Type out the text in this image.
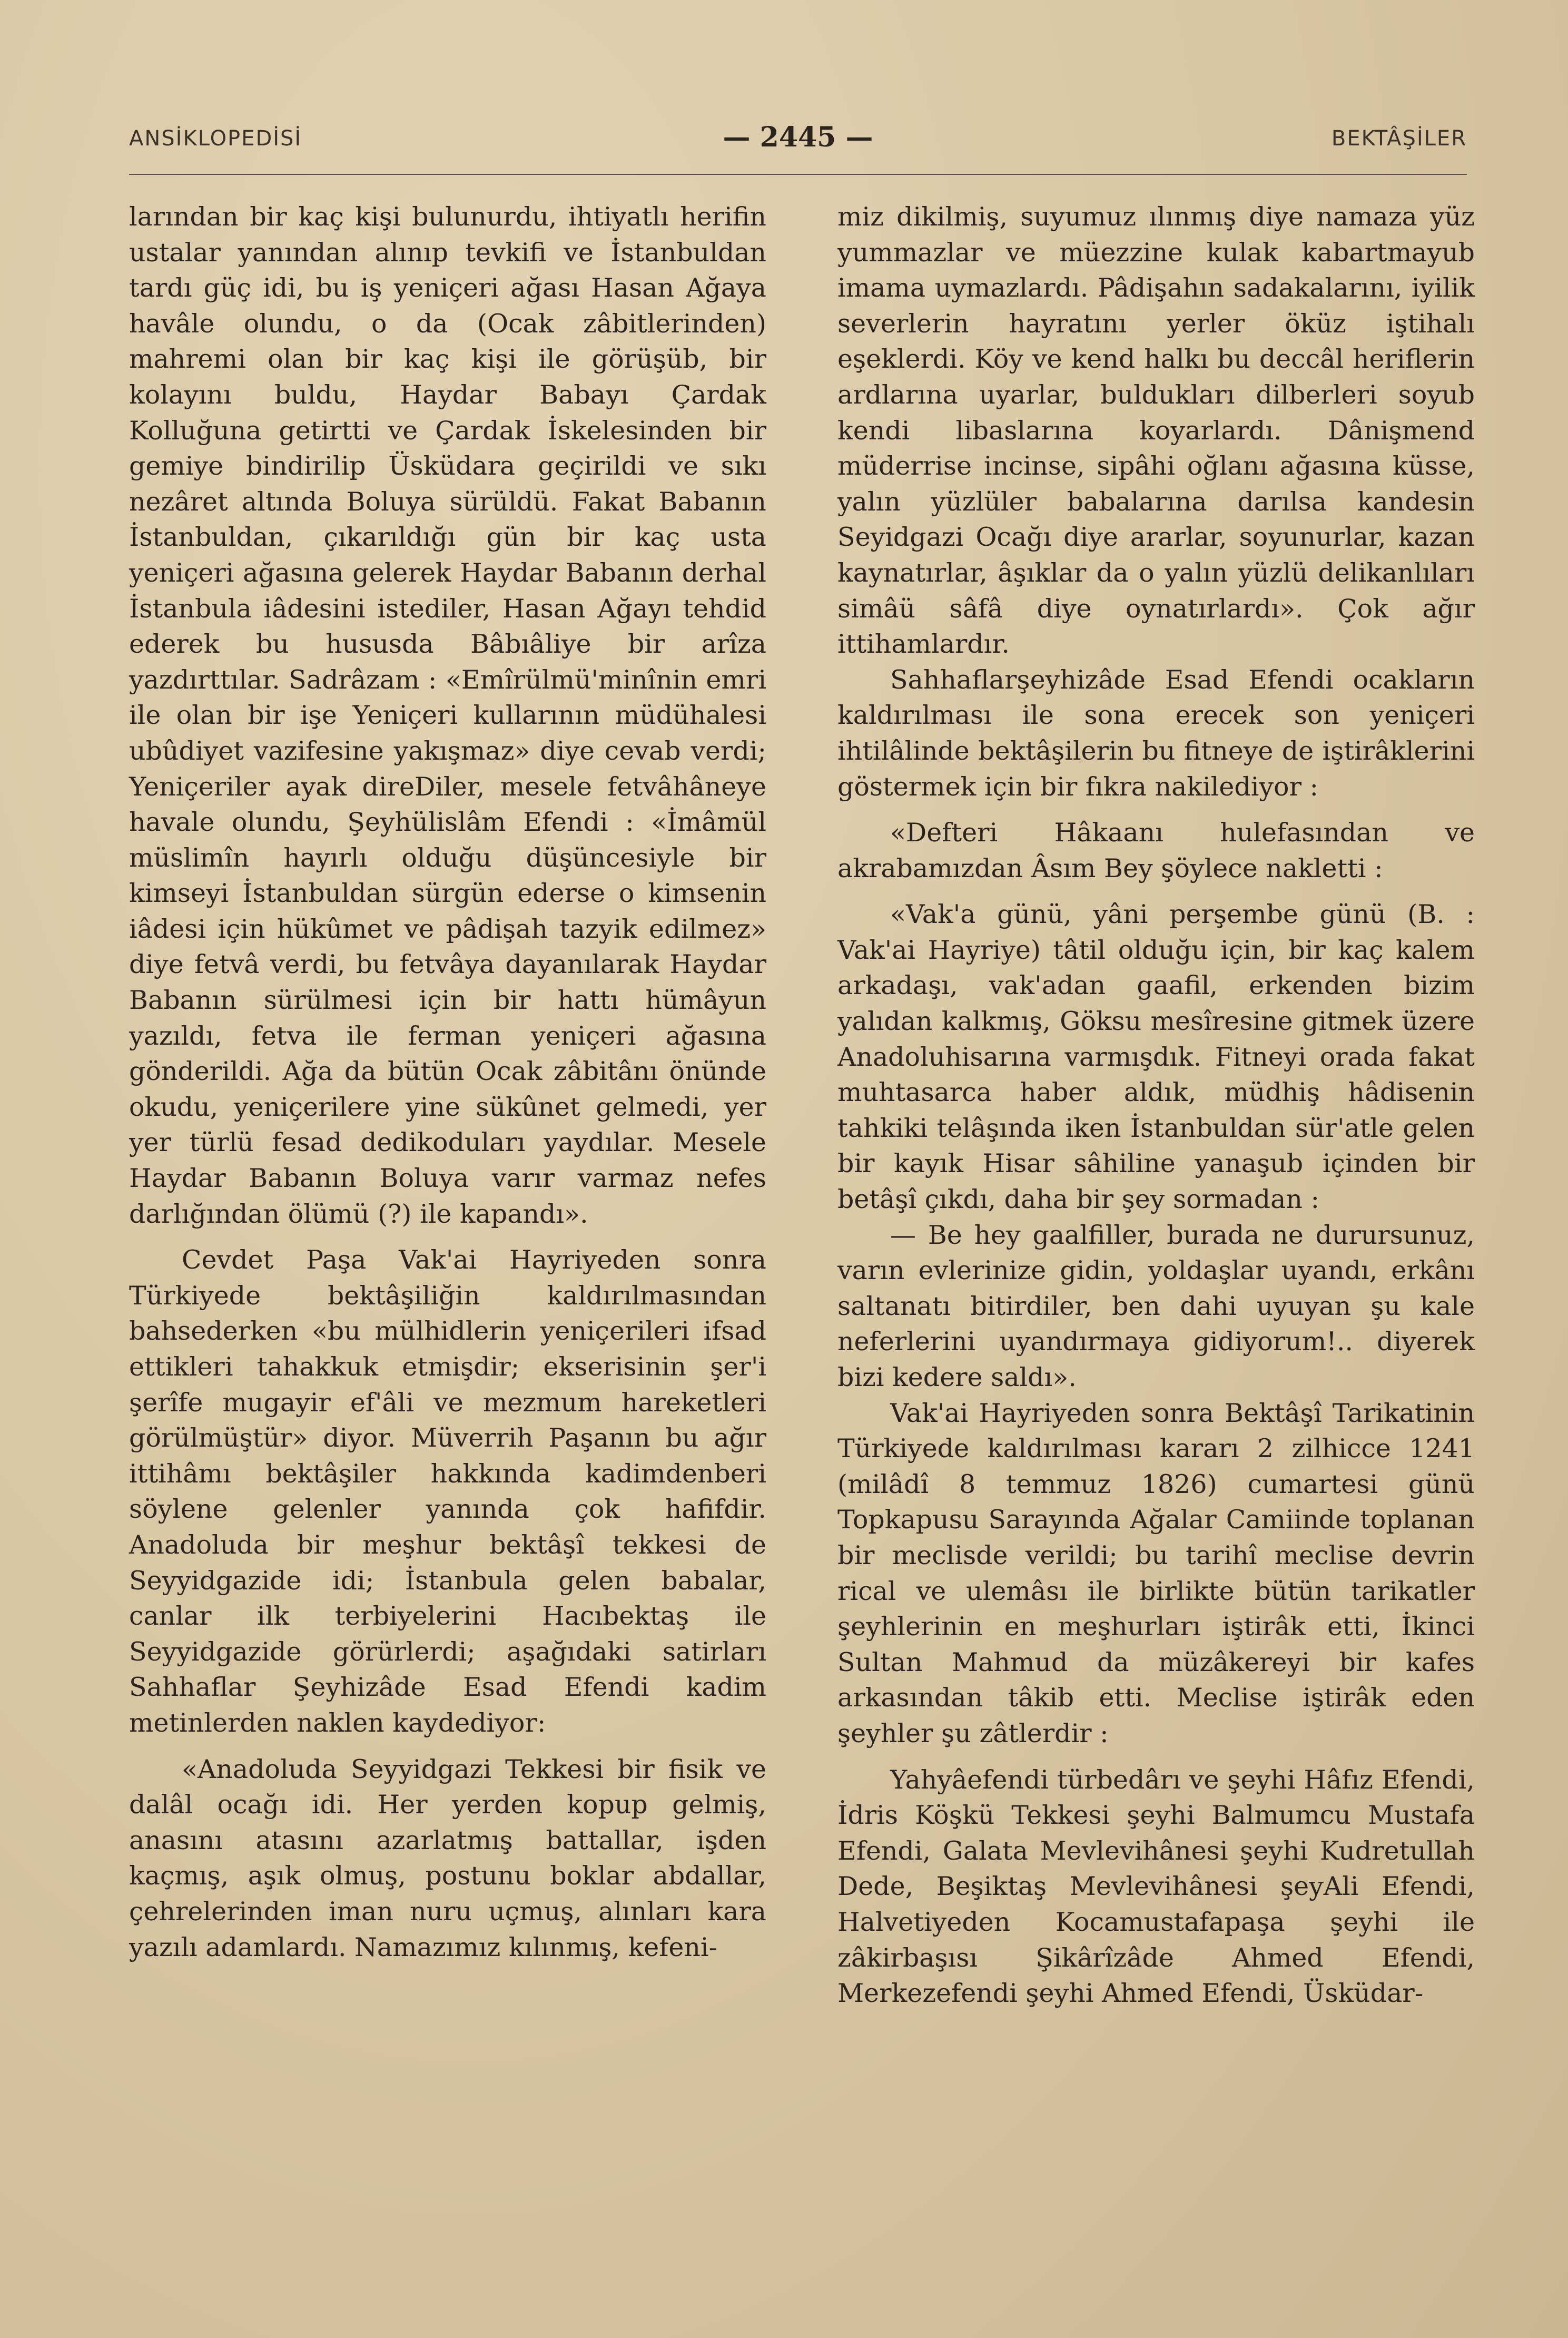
ANSİKLOPEDİSİ	— 2445 —	BEKTÂŞİLER

larından bir kaç kişi bulunurdu, ihtiyatlı herifin ustalar yanından alınıp tevkifi ve İstanbuldan tardı güç idi, bu iş yeniçeri ağası Hasan Ağaya havâle olundu, o da (Ocak zâbitlerinden) mahremi olan bir kaç kişi ile görüşüb, bir kolayını buldu, Haydar Babayı Çardak Kolluğuna getirtti ve Çardak İskelesinden bir gemiye bindirilip Üsküdara geçirildi ve sıkı nezâret altında Boluya sürüldü. Fakat Babanın İstanbuldan, çıkarıldığı gün bir kaç usta yeniçeri ağasına gelerek Haydar Babanın derhal İstanbula iâdesini istediler, Hasan Ağayı tehdid ederek bu hususda Bâbıâliye bir arîza yazdırttılar. Sadrâzam : «Emîrülmü'minînin emri ile olan bir işe Yeniçeri kullarının müdühalesi ubûdiyet vazifesine yakışmaz» diye cevab verdi; Yeniçeriler ayak direDiler, mesele fetvâhâneye havale olundu, Şeyhülislâm Efendi : «İmâmül müslimîn hayırlı olduğu düşüncesiyle bir kimseyi İstanbuldan sürgün ederse o kimsenin iâdesi için hükûmet ve pâdişah tazyik edilmez» diye fetvâ verdi, bu fetvâya dayanılarak Haydar Babanın sürülmesi için bir hattı hümâyun yazıldı, fetva ile ferman yeniçeri ağasına gönderildi. Ağa da bütün Ocak zâbitânı önünde okudu, yeniçerilere yine sükûnet gelmedi, yer yer türlü fesad dedikoduları yaydılar. Mesele Haydar Babanın Boluya varır varmaz nefes darlığından ölümü (?) ile kapandı».

Cevdet Paşa Vak'ai Hayriyeden sonra Türkiyede bektâşiliğin kaldırılmasından bahsederken «bu mülhidlerin yeniçerileri ifsad ettikleri tahakkuk etmişdir; ekserisinin şer'i şerîfe mugayir ef'âli ve mezmum hareketleri görülmüştür» diyor. Müverrih Paşanın bu ağır ittihâmı bektâşiler hakkında kadimdenberi söylene gelenler yanında çok hafifdir. Anadoluda bir meşhur bektâşî tekkesi de Seyyidgazide idi; İstanbula gelen babalar, canlar ilk terbiyelerini Hacıbektaş ile Seyyidgazide görürlerdi; aşağıdaki satirları Sahhaflar Şeyhizâde Esad Efendi kadim metinlerden naklen kaydediyor:

«Anadoluda Seyyidgazi Tekkesi bir fisik ve dalâl ocağı idi. Her yerden kopup gelmiş, anasını atasını azarlatmış battallar, işden kaçmış, aşık olmuş, postunu boklar abdallar, çehrelerinden iman nuru uçmuş, alınları kara yazılı adamlardı. Namazımız kılınmış, kefeni-

miz dikilmiş, suyumuz ılınmış diye namaza yüz yummazlar ve müezzine kulak kabartmayub imama uymazlardı. Pâdişahın sadakalarını, iyilik severlerin hayratını yerler öküz iştihalı eşeklerdi. Köy ve kend halkı bu deccâl heriflerin ardlarına uyarlar, buldukları dilberleri soyub kendi libaslarına koyarlardı. Dânişmend müderrise incinse, sipâhi oğlanı ağasına küsse, yalın yüzlüler babalarına darılsa kandesin Seyidgazi Ocağı diye ararlar, soyunurlar, kazan kaynatırlar, âşıklar da o yalın yüzlü delikanlıları simâü sâfâ diye oynatırlardı». Çok ağır ittihamlardır.

Sahhaflarşeyhizâde Esad Efendi ocakların kaldırılması ile sona erecek son yeniçeri ihtilâlinde bektâşilerin bu fitneye de iştirâklerini göstermek için bir fıkra nakilediyor :

«Defteri Hâkaanı hulefasından ve akrabamızdan Âsım Bey şöylece nakletti :

«Vak'a günü, yâni perşembe günü (B. : Vak'ai Hayriye) tâtil olduğu için, bir kaç kalem arkadaşı, vak'adan gaafil, erkenden bizim yalıdan kalkmış, Göksu mesîresine gitmek üzere Anadoluhisarına varmışdık. Fitneyi orada fakat muhtasarca haber aldık, müdhiş hâdisenin tahkiki telâşında iken İstanbuldan sür'atle gelen bir kayık Hisar sâhiline yanaşub içinden bir betâşî çıkdı, daha bir şey sormadan :

— Be hey gaalfiller, burada ne durursunuz, varın evlerinize gidin, yoldaşlar uyandı, erkânı saltanatı bitirdiler, ben dahi uyuyan şu kale neferlerini uyandırmaya gidiyorum!.. diyerek bizi kedere saldı».

Vak'ai Hayriyeden sonra Bektâşî Tarikatinin Türkiyede kaldırılması kararı 2 zilhicce 1241 (milâdî 8 temmuz 1826) cumartesi günü Topkapusu Sarayında Ağalar Camiinde toplanan bir meclisde verildi; bu tarihî meclise devrin rical ve ulemâsı ile birlikte bütün tarikatler şeyhlerinin en meşhurları iştirâk etti, İkinci Sultan Mahmud da müzâkereyi bir kafes arkasından tâkib etti. Meclise iştirâk eden şeyhler şu zâtlerdir :

Yahyâefendi türbedârı ve şeyhi Hâfız Efendi, İdris Köşkü Tekkesi şeyhi Balmumcu Mustafa Efendi, Galata Mevlevihânesi şeyhi Kudretullah Dede, Beşiktaş Mevlevihânesi şeyAli Efendi, Halvetiyeden Kocamustafapaşa şeyhi ile zâkirbaşısı Şikârîzâde Ahmed Efendi, Merkezefendi şeyhi Ahmed Efendi, Üsküdar-
